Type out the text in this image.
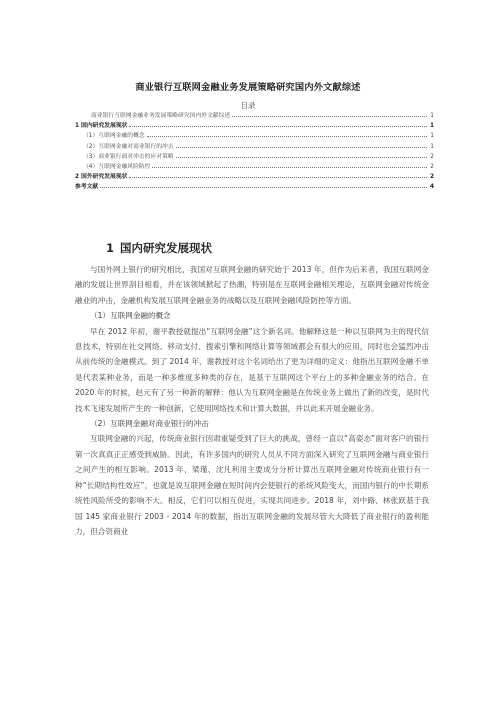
商业银行互联网金融业务发展策略研究国内外文献综述
目录
商业银行互联网金融业务发展策略研究国内外文献综述	1
1 国内研究发展现状	1
（1）互联网金融的概念	1
（2）互联网金融对商业银行的冲击	1
（3）商业银行面对冲击的应对策略	2
（4）互联网金融风险防控	2
2 国外研究发展现状	2
参考文献	4
1 国内研究发展现状

与国外网上银行的研究相比，我国对互联网金融的研究始于 2013 年，但作为后来者，我国互联网金融的发展让世界刮目相看，并在该领域掀起了热潮，特别是在互联网金融相关理论，互联网金融对传统金融业的冲击，金融机构发展互联网金融业务的战略以及互联网金融风险防控等方面。

（1）互联网金融的概念

早在 2012 年初，谢平教授就提出“互联网金融”这个新名词。他解释这是一种以互联网为主的现代信息技术，特别在社交网络、移动支付、搜索引擎和网络计算等领域都会有很大的应用，同时也会猛烈冲击从前传统的金融模式。到了 2014 年，谢教授对这个名词给出了更为详细的定义：他指出互联网金融不单是代表某种业务，而是一种多维度多种类的存在，是基于互联网这个平台上的多种金融业务的结合。在 2020 年的时候，赵元有了另一种新的解释：他认为互联网金融是在传统业务上做出了新的改变，是时代技术飞速发展所产生的一种创新，它使用网络技术和计算大数据，并以此来开展金融业务。

（2）互联网金融对商业银行的冲击

互联网金融的兴起，传统商业银行因肃重疑受到了巨大的挑战，曾经一直以“高姿态”面对客户的银行第一次真真正正感受到威胁。因此，有许多国内的研究人员从不同方面深入研究了互联网金融与商业银行之间产生的相互影响。2013 年，梁瑾、沈凡利用主要成分分析计算出互联网金融对传统商业银行有一种“长期结构性效应”，也就是说互联网金融在短时间内会使银行的系统风险变大，而国内银行的中长期系统性风险所受的影响不大。相反，它们可以相互促进，实现共同进步。2018 年，刘中路、林张跃基于我国 145 家商业银行 2003 - 2014 年的数据，指出互联网金融的发展尽管大大降低了商业银行的盈利能力，但合资商业
